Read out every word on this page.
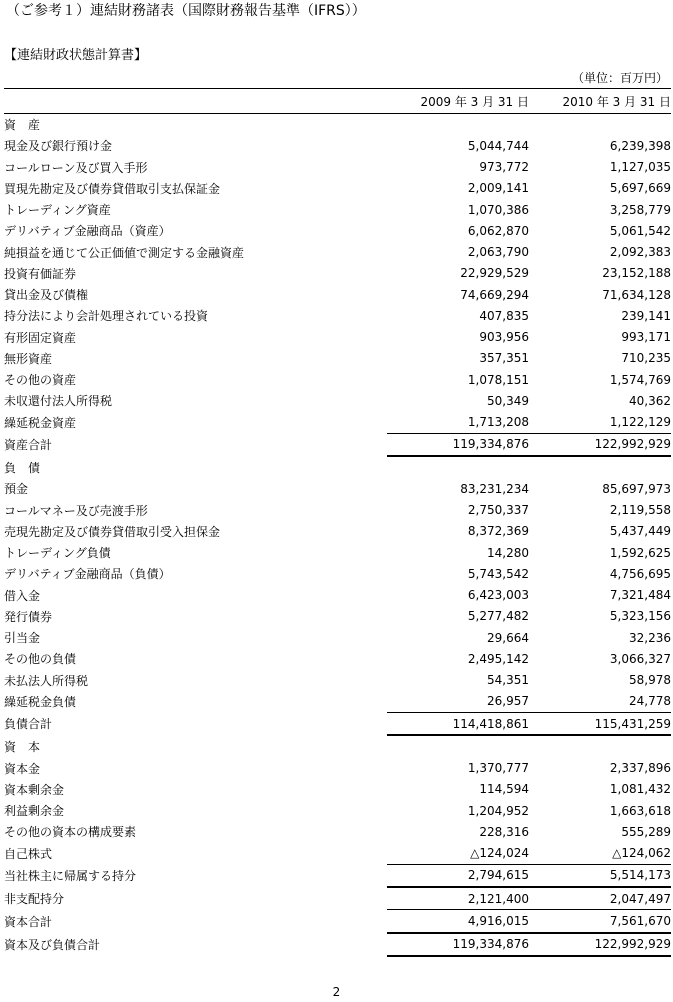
（ご参考１）連結財務諸表（国際財務報告基準（IFRS））
【連結財政状態計算書】
（単位：百万円）
	2009 年 3 月 31 日	2010 年 3 月 31 日
資　産		
現金及び銀行預け金	5,044,744	6,239,398
コールローン及び買入手形	973,772	1,127,035
買現先勘定及び債券貸借取引支払保証金	2,009,141	5,697,669
トレーディング資産	1,070,386	3,258,779
デリバティブ金融商品（資産）	6,062,870	5,061,542
純損益を通じて公正価値で測定する金融資産	2,063,790	2,092,383
投資有価証券	22,929,529	23,152,188
貸出金及び債権	74,669,294	71,634,128
持分法により会計処理されている投資	407,835	239,141
有形固定資産	903,956	993,171
無形資産	357,351	710,235
その他の資産	1,078,151	1,574,769
未収還付法人所得税	50,349	40,362
繰延税金資産	1,713,208	1,122,129
資産合計	119,334,876	122,992,929
負　債		
預金	83,231,234	85,697,973
コールマネー及び売渡手形	2,750,337	2,119,558
売現先勘定及び債券貸借取引受入担保金	8,372,369	5,437,449
トレーディング負債	14,280	1,592,625
デリバティブ金融商品（負債）	5,743,542	4,756,695
借入金	6,423,003	7,321,484
発行債券	5,277,482	5,323,156
引当金	29,664	32,236
その他の負債	2,495,142	3,066,327
未払法人所得税	54,351	58,978
繰延税金負債	26,957	24,778
負債合計	114,418,861	115,431,259
資　本		
資本金	1,370,777	2,337,896
資本剰余金	114,594	1,081,432
利益剰余金	1,204,952	1,663,618
その他の資本の構成要素	228,316	555,289
自己株式	△124,024	△124,062
当社株主に帰属する持分	2,794,615	5,514,173
非支配持分	2,121,400	2,047,497
資本合計	4,916,015	7,561,670
資本及び負債合計	119,334,876	122,992,929
2
